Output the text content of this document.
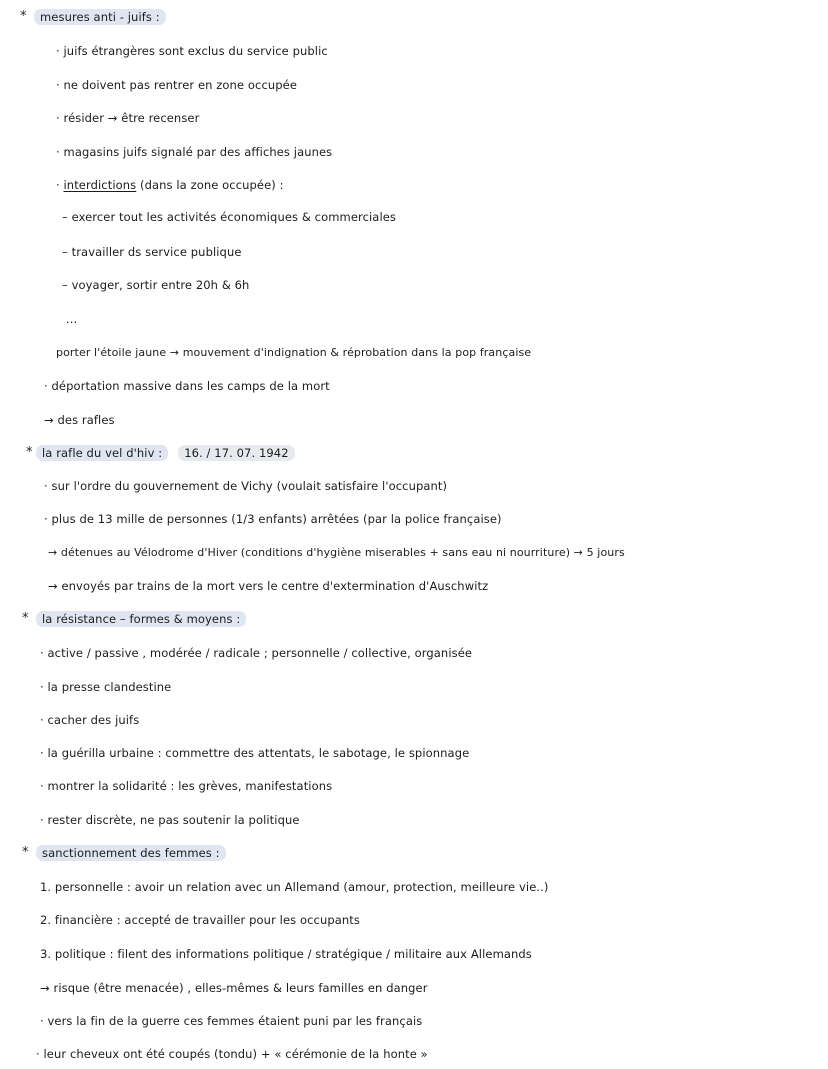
*	mesures anti - juifs :
· juifs étrangères sont exclus du service public
· ne doivent pas rentrer en zone occupée
· résider → être recenser
· magasins juifs signalé par des affiches jaunes
· interdictions (dans la zone occupée) :
– exercer tout les activités économiques & commerciales
– travailler ds service publique
– voyager, sortir entre 20h & 6h
...
porter l'étoile jaune → mouvement d'indignation & réprobation dans la pop française
· déportation massive dans les camps de la mort
→ des rafles
* la rafle du vel d'hiv : 16. / 17. 07. 1942
· sur l'ordre du gouvernement de Vichy (voulait satisfaire l'occupant)
· plus de 13 mille de personnes (1/3 enfants) arrêtées (par la police française)
→ détenues au Vélodrome d'Hiver (conditions d'hygiène miserables + sans eau ni nourriture) → 5 jours
→ envoyés par trains de la mort vers le centre d'extermination d'Auschwitz
*	la résistance – formes & moyens :
· active / passive , modérée / radicale ; personnelle / collective, organisée
· la presse clandestine
· cacher des juifs
· la guérilla urbaine : commettre des attentats, le sabotage, le spionnage
· montrer la solidarité : les grèves, manifestations
· rester discrète, ne pas soutenir la politique
*	sanctionnement des femmes :
1. personnelle : avoir un relation avec un Allemand (amour, protection, meilleure vie..)
2. financière : accepté de travailler pour les occupants
3. politique : filent des informations politique / stratégique / militaire aux Allemands
→ risque (être menacée) , elles-mêmes & leurs familles en danger
· vers la fin de la guerre ces femmes étaient puni par les français
· leur cheveux ont été coupés (tondu) + « cérémonie de la honte »
